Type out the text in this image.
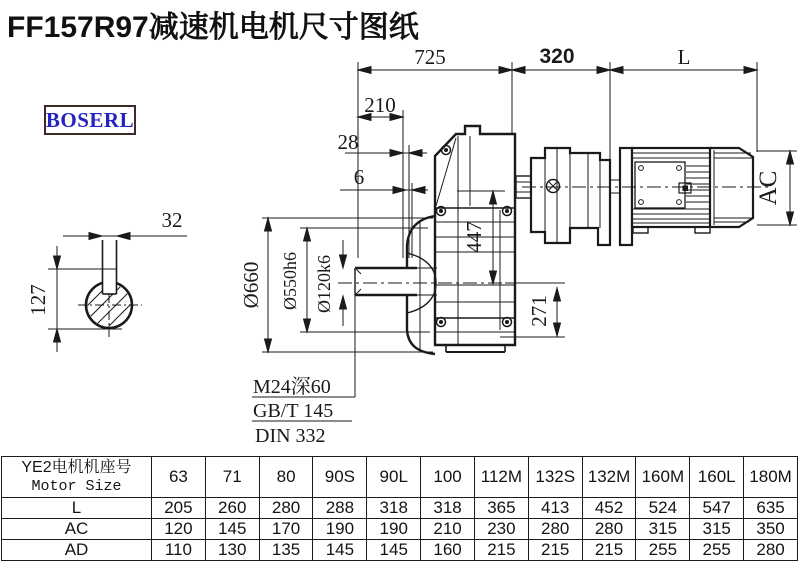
FF157R97减速机电机尺寸图纸
BOSERL
725	320	L
210
28
6
32
127
447
271
Ø660 Ø550h6 Ø120k6
AC
M24深60
GB/T 145
DIN 332
YE2电机机座号
Motor Size	63	71	80	90S	90L	100	112M	132S	132M	160M	160L	180M
L	205	260	280	288	318	318	365	413	452	524	547	635
AC	120	145	170	190	190	210	230	280	280	315	315	350
AD	110	130	135	145	145	160	215	215	215	255	255	280
